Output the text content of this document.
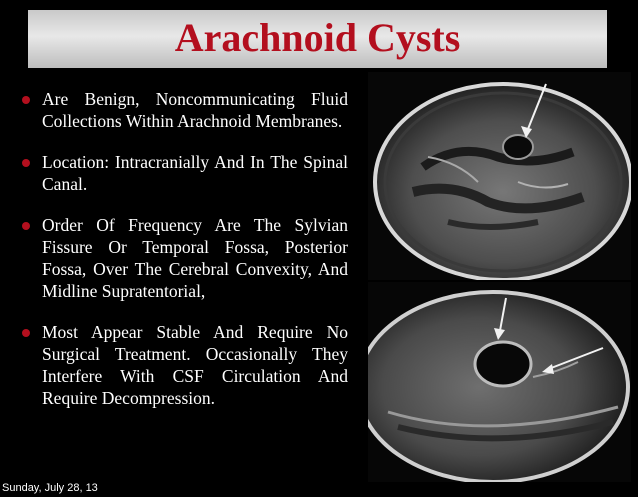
Arachnoid Cysts
Are Benign, Noncommunicating Fluid Collections Within Arachnoid Membranes.
Location: Intracranially And In The Spinal Canal.
Order Of Frequency Are The Sylvian Fissure Or Temporal Fossa, Posterior Fossa, Over The Cerebral Convexity, And Midline Supratentorial,
Most Appear Stable And Require No Surgical Treatment. Occasionally They Interfere With CSF Circulation And Require Decompression.
Sunday, July 28, 13
